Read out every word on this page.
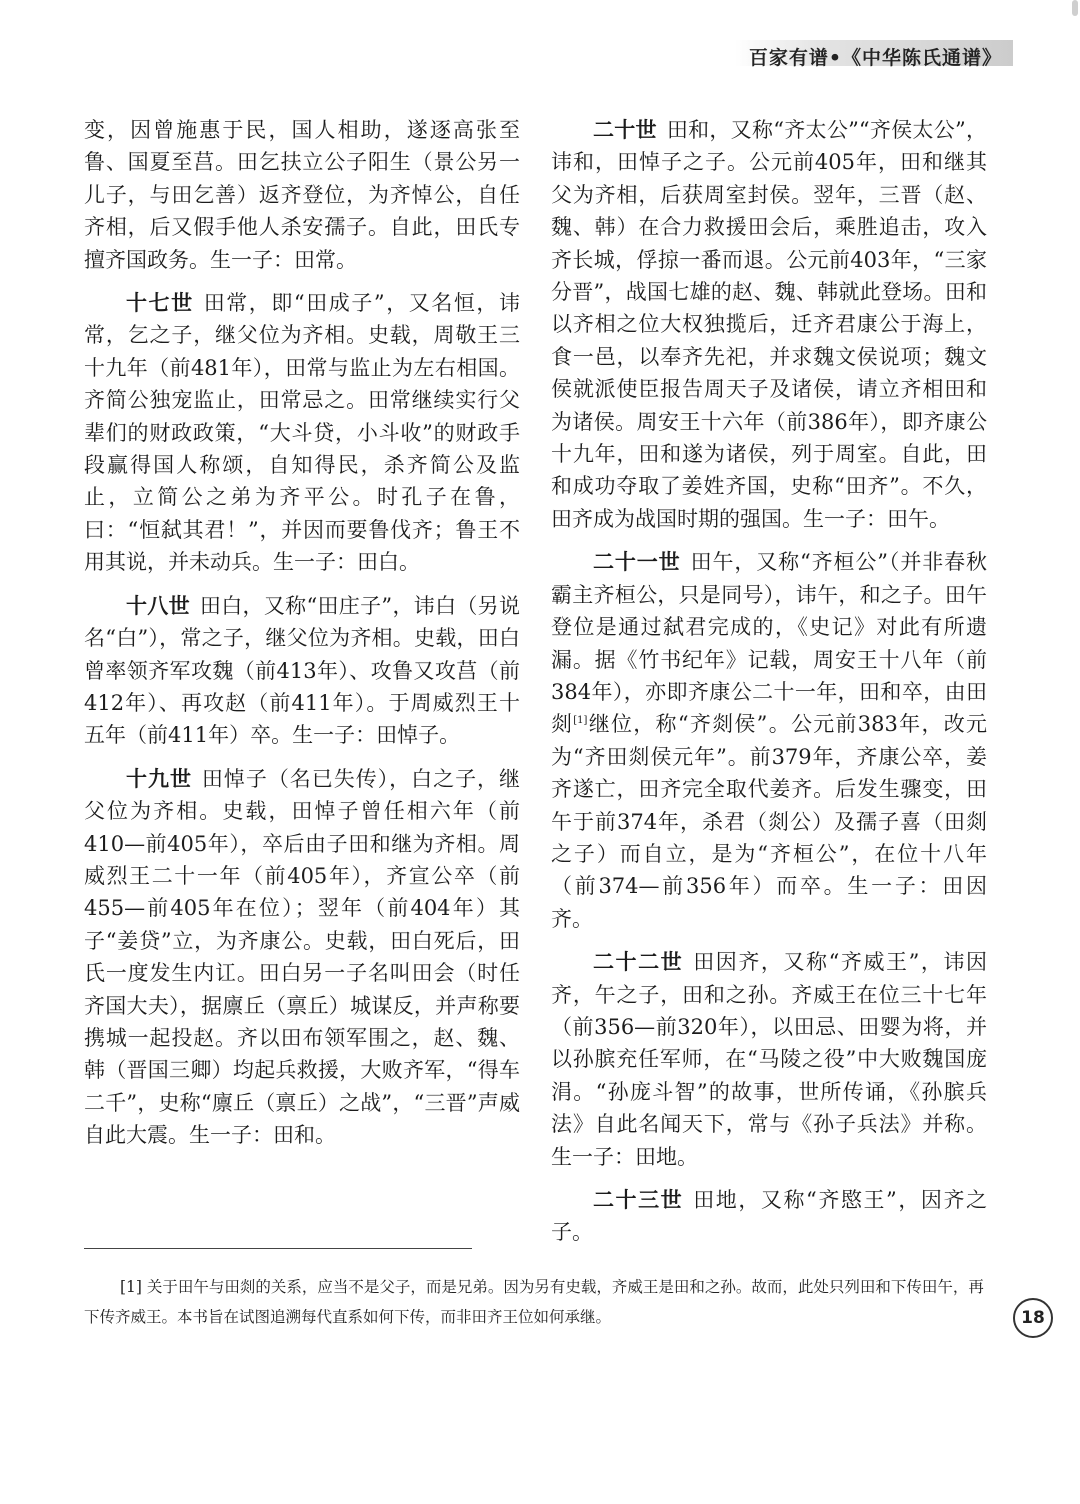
百家有谱•《中华陈氏通谱》

变，因曾施惠于民，国人相助，遂逐高张至鲁、国夏至莒。田乞扶立公子阳生（景公另一儿子，与田乞善）返齐登位，为齐悼公，自任齐相，后又假手他人杀安孺子。自此，田氏专擅齐国政务。生一子：田常。

十七世 田常，即“田成子”，又名恒，讳常，乞之子，继父位为齐相。史载，周敬王三十九年（前481年），田常与监止为左右相国。齐简公独宠监止，田常忌之。田常继续实行父辈们的财政政策，“大斗贷，小斗收”的财政手段赢得国人称颂，自知得民，杀齐简公及监止，立简公之弟为齐平公。时孔子在鲁，曰：“恒弑其君！”，并因而要鲁伐齐；鲁王不用其说，并未动兵。生一子：田白。

十八世 田白，又称“田庄子”，讳白（另说名“白”），常之子，继父位为齐相。史载，田白曾率领齐军攻魏（前413年）、攻鲁又攻莒（前412年）、再攻赵（前411年）。于周威烈王十五年（前411年）卒。生一子：田悼子。

十九世 田悼子（名已失传），白之子，继父位为齐相。史载，田悼子曾任相六年（前410—前405年），卒后由子田和继为齐相。周威烈王二十一年（前405年），齐宣公卒（前455—前405年在位）；翌年（前404年）其子“姜贷”立，为齐康公。史载，田白死后，田氏一度发生内讧。田白另一子名叫田会（时任齐国大夫），据廪丘（禀丘）城谋反，并声称要携城一起投赵。齐以田布领军围之，赵、魏、韩（晋国三卿）均起兵救援，大败齐军，“得车二千”，史称“廪丘（禀丘）之战”，“三晋”声威自此大震。生一子：田和。

二十世 田和，又称“齐太公”“齐侯太公”，讳和，田悼子之子。公元前405年，田和继其父为齐相，后获周室封侯。翌年，三晋（赵、魏、韩）在合力救援田会后，乘胜追击，攻入齐长城，俘掠一番而退。公元前403年，“三家分晋”，战国七雄的赵、魏、韩就此登场。田和以齐相之位大权独揽后，迁齐君康公于海上，食一邑，以奉齐先祀，并求魏文侯说项；魏文侯就派使臣报告周天子及诸侯，请立齐相田和为诸侯。周安王十六年（前386年），即齐康公十九年，田和遂为诸侯，列于周室。自此，田和成功夺取了姜姓齐国，史称“田齐”。不久，田齐成为战国时期的强国。生一子：田午。

二十一世 田午，又称“齐桓公”（并非春秋霸主齐桓公，只是同号），讳午，和之子。田午登位是通过弑君完成的，《史记》对此有所遗漏。据《竹书纪年》记载，周安王十八年（前384年），亦即齐康公二十一年，田和卒，由田剡[1]继位，称“齐剡侯”。公元前383年，改元为“齐田剡侯元年”。前379年，齐康公卒，姜齐遂亡，田齐完全取代姜齐。后发生骤变，田午于前374年，杀君（剡公）及孺子喜（田剡之子）而自立，是为“齐桓公”，在位十八年（前374—前356年）而卒。生一子：田因齐。

二十二世 田因齐，又称“齐威王”，讳因齐，午之子，田和之孙。齐威王在位三十七年（前356—前320年），以田忌、田婴为将，并以孙膑充任军师，在“马陵之役”中大败魏国庞涓。“孙庞斗智”的故事，世所传诵，《孙膑兵法》自此名闻天下，常与《孙子兵法》并称。生一子：田地。

二十三世 田地，又称“齐愍王”，因齐之子。

[1] 关于田午与田剡的关系，应当不是父子，而是兄弟。因为另有史载，齐威王是田和之孙。故而，此处只列田和下传田午，再下传齐威王。本书旨在试图追溯每代直系如何下传，而非田齐王位如何承继。	18
